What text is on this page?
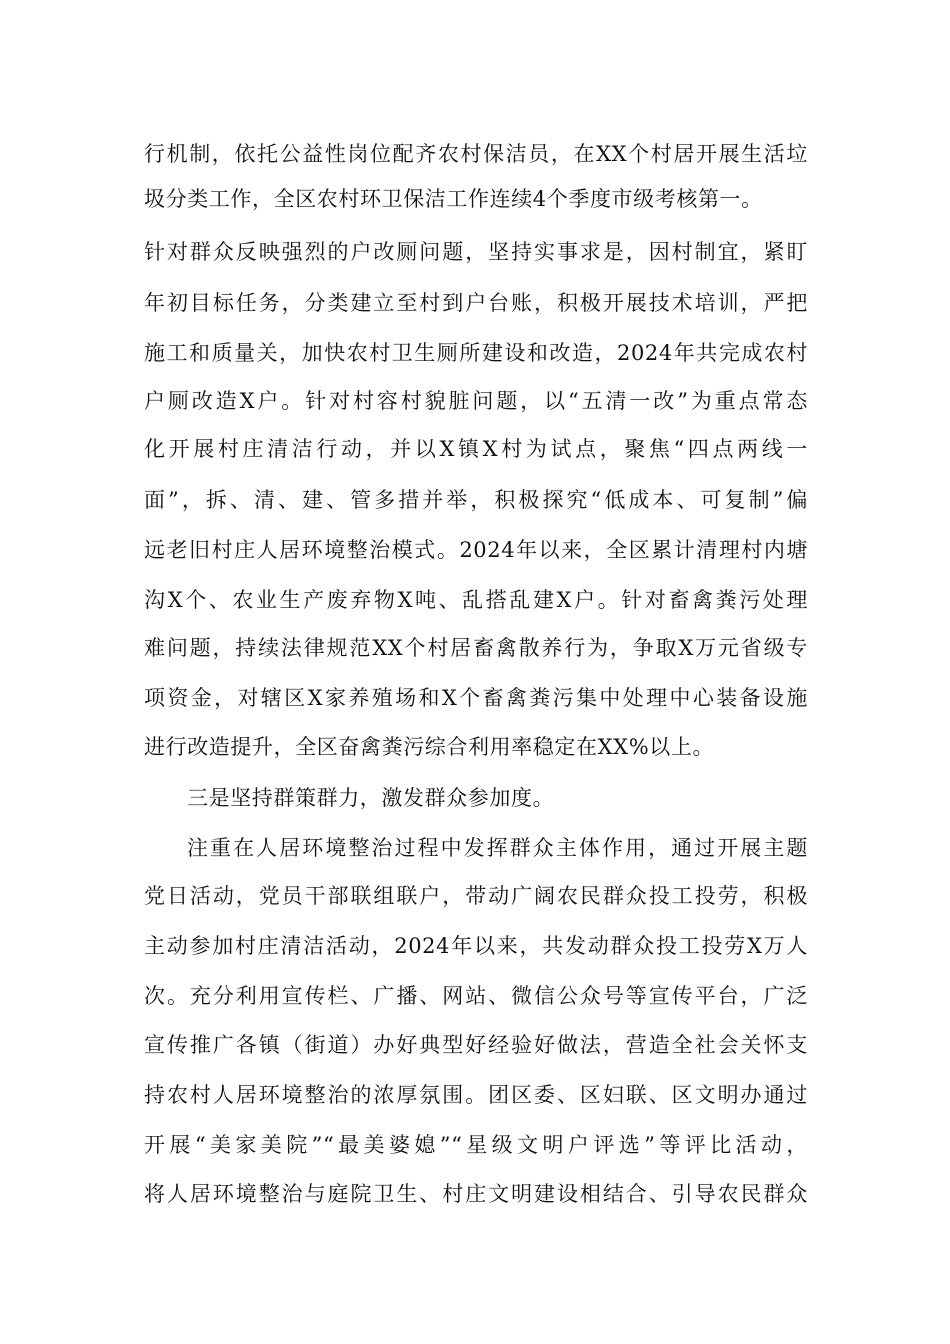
行机制，依托公益性岗位配齐农村保洁员，在XX个村居开展生活垃
圾分类工作，全区农村环卫保洁工作连续4个季度市级考核第一。
针对群众反映强烈的户改厕问题，坚持实事求是，因村制宜，紧盯
年初目标任务，分类建立至村到户台账，积极开展技术培训，严把
施工和质量关，加快农村卫生厕所建设和改造，2024年共完成农村
户厕改造X户。针对村容村貌脏问题，以“五清一改”为重点常态
化开展村庄清洁行动，并以X镇X村为试点，聚焦“四点两线一
面”，拆、清、建、管多措并举，积极探究“低成本、可复制”偏
远老旧村庄人居环境整治模式。2024年以来，全区累计清理村内塘
沟X个、农业生产废弃物X吨、乱搭乱建X户。针对畜禽粪污处理
难问题，持续法律规范XX个村居畜禽散养行为，争取X万元省级专
项资金，对辖区X家养殖场和X个畜禽粪污集中处理中心装备设施
进行改造提升，全区奋禽粪污综合利用率稳定在XX%以上。
三是坚持群策群力，激发群众参加度。
注重在人居环境整治过程中发挥群众主体作用，通过开展主题
党日活动，党员干部联组联户，带动广阔农民群众投工投劳，积极
主动参加村庄清洁活动，2024年以来，共发动群众投工投劳X万人
次。充分利用宣传栏、广播、网站、微信公众号等宣传平台，广泛
宣传推广各镇（街道）办好典型好经验好做法，营造全社会关怀支
持农村人居环境整治的浓厚氛围。团区委、区妇联、区文明办通过
开展“美家美院”“最美婆媳”“星级文明户评选”等评比活动，
将人居环境整治与庭院卫生、村庄文明建设相结合、引导农民群众
